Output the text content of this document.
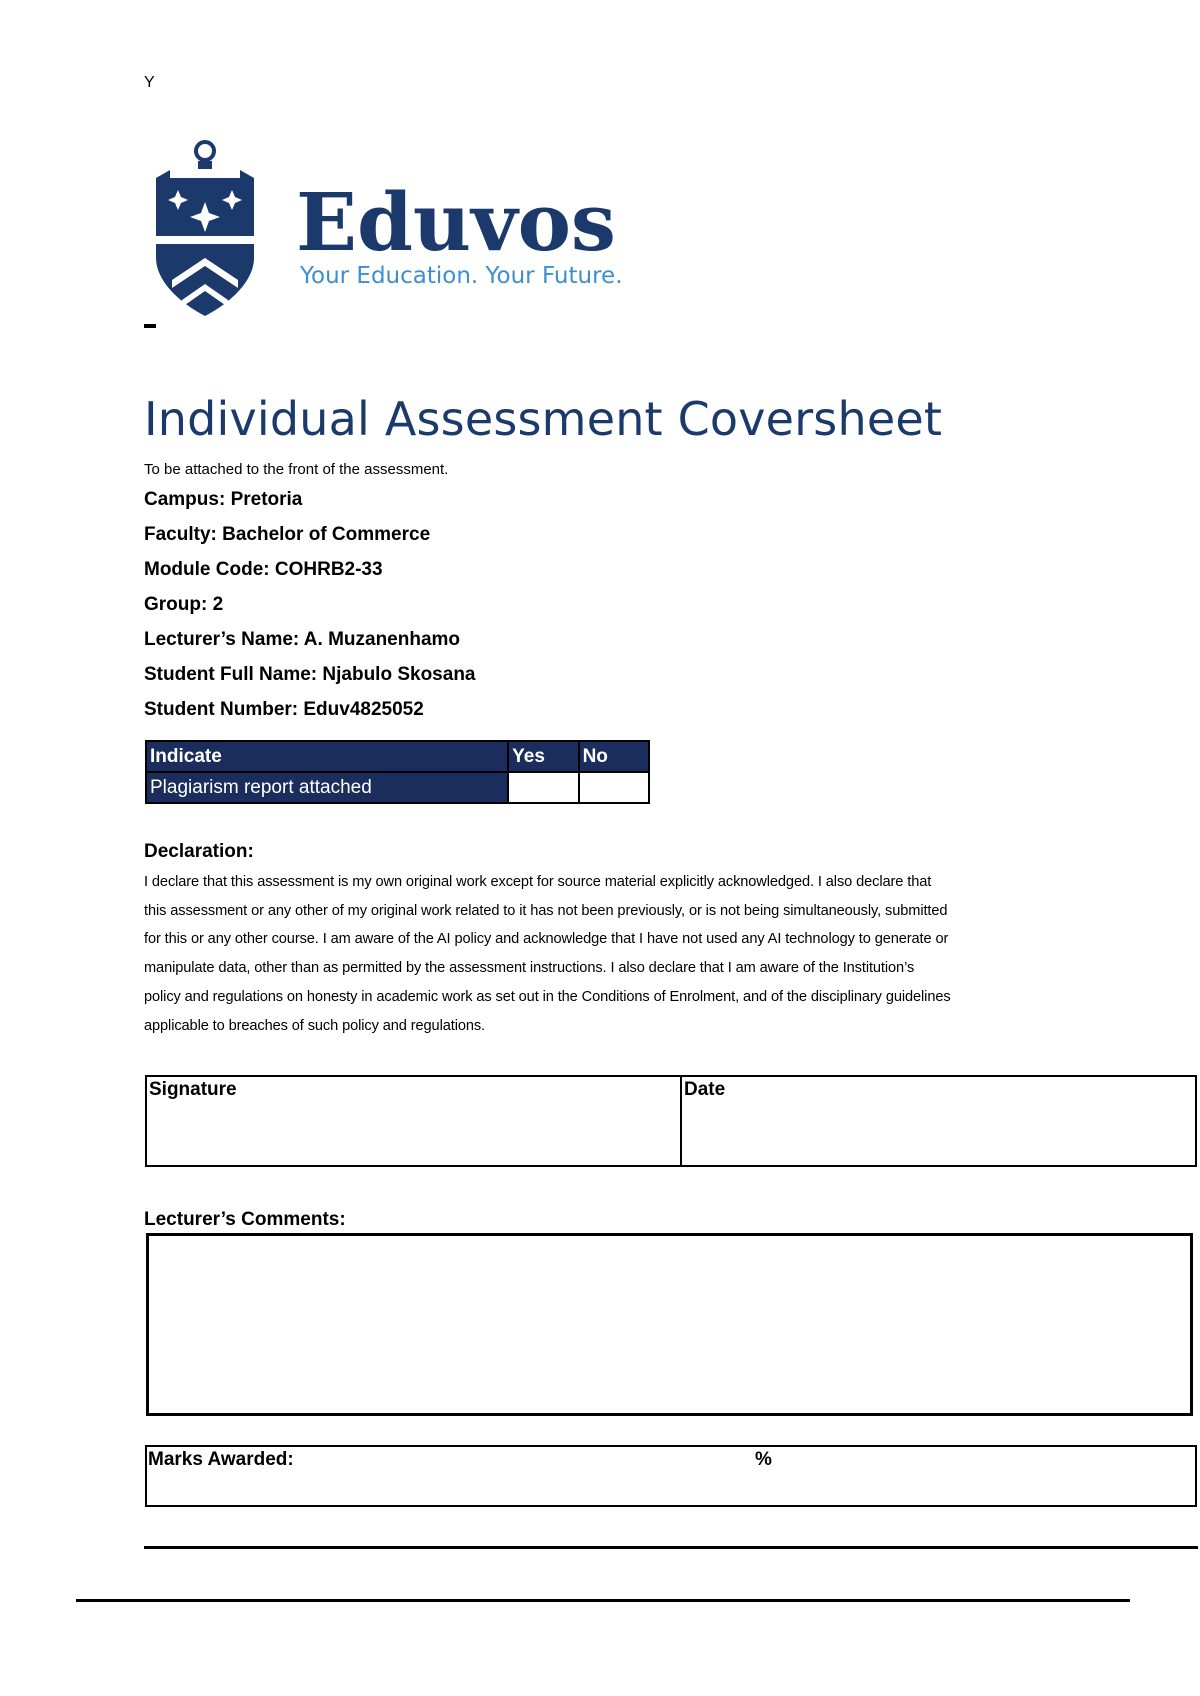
Y
Eduvos
Your Education. Your Future.
Individual Assessment Coversheet
To be attached to the front of the assessment.
Campus: Pretoria
Faculty: Bachelor of Commerce
Module Code: COHRB2-33
Group: 2
Lecturer’s Name: A. Muzanenhamo
Student Full Name: Njabulo Skosana
Student Number: Eduv4825052
Indicate	Yes	No
Plagiarism report attached		
Declaration:
I declare that this assessment is my own original work except for source material explicitly acknowledged. I also declare that
this assessment or any other of my original work related to it has not been previously, or is not being simultaneously, submitted
for this or any other course. I am aware of the AI policy and acknowledge that I have not used any AI technology to generate or
manipulate data, other than as permitted by the assessment instructions. I also declare that I am aware of the Institution’s
policy and regulations on honesty in academic work as set out in the Conditions of Enrolment, and of the disciplinary guidelines
applicable to breaches of such policy and regulations.
Signature	Date
Lecturer’s Comments:
Marks Awarded:	%
